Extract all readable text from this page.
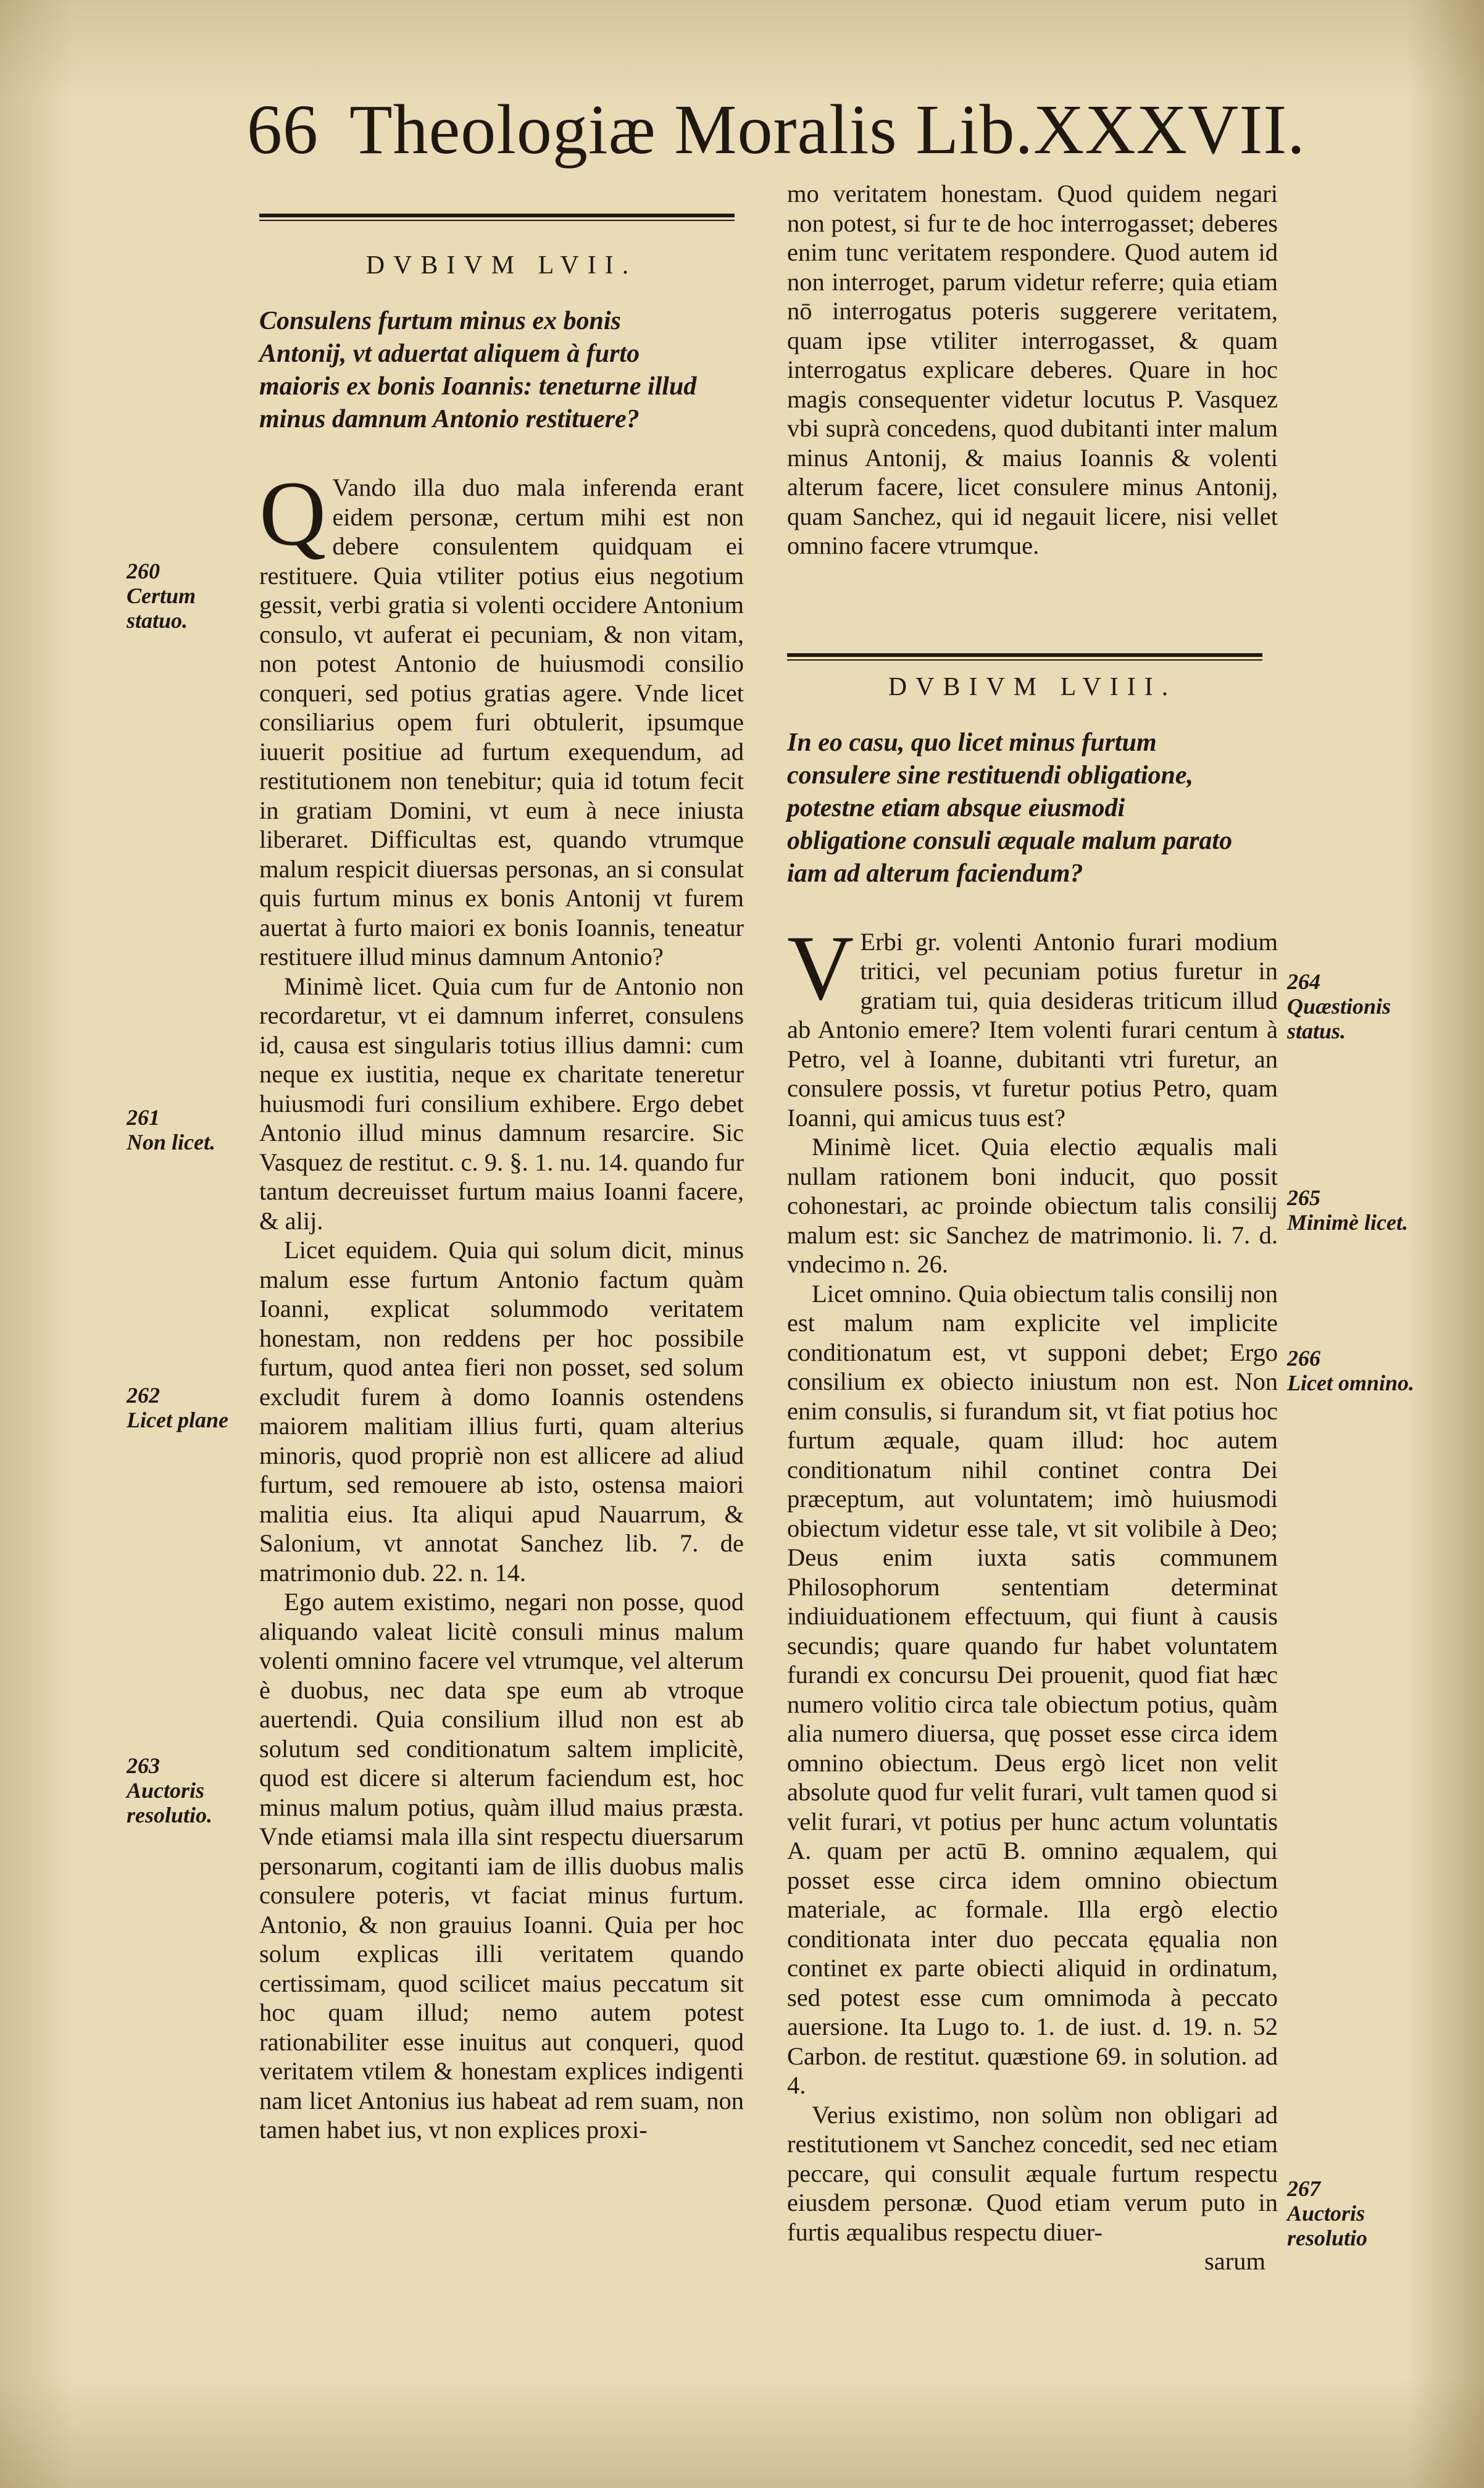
66 Theologiæ Moralis Lib.XXXVII.
DVBIVM LVII.
Consulens furtum minus ex bonis Antonij, vt aduertat aliquem à furto maioris ex bonis Ioannis: teneturne illud minus damnum Antonio restituere?

Q Vando illa duo mala inferenda erant eidem personæ, certum mihi est non debere consulentem quidquam ei restituere. Quia vtiliter potius eius negotium gessit, verbi gratia si volenti occidere Antonium consulo, vt auferat ei pecuniam, & non vitam, non potest Antonio de huiusmodi consilio conqueri, sed potius gratias agere. Vnde licet consiliarius opem furi obtulerit, ipsumque iuuerit positiue ad furtum exequendum, ad restitutionem non tenebitur; quia id totum fecit in gratiam Domini, vt eum à nece iniusta liberaret. Difficultas est, quando vtrumque malum respicit diuersas personas, an si consulat quis furtum minus ex bonis Antonij vt furem auertat à furto maiori ex bonis Ioannis, teneatur restituere illud minus damnum Antonio?

Minimè licet. Quia cum fur de Antonio non recordaretur, vt ei damnum inferret, consulens id, causa est singularis totius illius damni: cum neque ex iustitia, neque ex charitate teneretur huiusmodi furi consilium exhibere. Ergo debet Antonio illud minus damnum resarcire. Sic Vasquez de restitut. c. 9. §. 1. nu. 14. quando fur tantum decreuisset furtum maius Ioanni facere, & alij.

Licet equidem. Quia qui solum dicit, minus malum esse furtum Antonio factum quàm Ioanni, explicat solummodo veritatem honestam, non reddens per hoc possibile furtum, quod antea fieri non posset, sed solum excludit furem à domo Ioannis ostendens maiorem malitiam illius furti, quam alterius minoris, quod propriè non est allicere ad aliud furtum, sed remouere ab isto, ostensa maiori malitia eius. Ita aliqui apud Nauarrum, & Salonium, vt annotat Sanchez lib. 7. de matrimonio dub. 22. n. 14.

Ego autem existimo, negari non posse, quod aliquando valeat licitè consuli minus malum volenti omnino facere vel vtrumque, vel alterum è duobus, nec data spe eum ab vtroque auertendi. Quia consilium illud non est ab solutum sed conditionatum saltem implicitè, quod est dicere si alterum faciendum est, hoc minus malum potius, quàm illud maius præsta. Vnde etiamsi mala illa sint respectu diuersarum personarum, cogitanti iam de illis duobus malis consulere poteris, vt faciat minus furtum. Antonio, & non grauius Ioanni. Quia per hoc solum explicas illi veritatem quando certissimam, quod scilicet maius peccatum sit hoc quam illud; nemo autem potest rationabiliter esse inuitus aut conqueri, quod veritatem vtilem & honestam explices indigenti nam licet Antonius ius habeat ad rem suam, non tamen habet ius, vt non explices proxi-

mo veritatem honestam. Quod quidem negari non potest, si fur te de hoc interrogasset; deberes enim tunc veritatem respondere. Quod autem id non interroget, parum videtur referre; quia etiam nō interrogatus poteris suggerere veritatem, quam ipse vtiliter interrogasset, & quam interrogatus explicare deberes. Quare in hoc magis consequenter videtur locutus P. Vasquez vbi suprà concedens, quod dubitanti inter malum minus Antonij, & maius Ioannis & volenti alterum facere, licet consulere minus Antonij, quam Sanchez, qui id negauit licere, nisi vellet omnino facere vtrumque.

DVBIVM LVIII.
In eo casu, quo licet minus furtum consulere sine restituendi obligatione, potestne etiam absque eiusmodi obligatione consuli æquale malum parato iam ad alterum faciendum?

V Erbi gr. volenti Antonio furari modium tritici, vel pecuniam potius furetur in gratiam tui, quia desideras triticum illud ab Antonio emere? Item volenti furari centum à Petro, vel à Ioanne, dubitanti vtri furetur, an consulere possis, vt furetur potius Petro, quam Ioanni, qui amicus tuus est?

Minimè licet. Quia electio æqualis mali nullam rationem boni inducit, quo possit cohonestari, ac proinde obiectum talis consilij malum est: sic Sanchez de matrimonio. li. 7. d. vndecimo n. 26.

Licet omnino. Quia obiectum talis consilij non est malum nam explicite vel implicite conditionatum est, vt supponi debet; Ergo consilium ex obiecto iniustum non est. Non enim consulis, si furandum sit, vt fiat potius hoc furtum æquale, quam illud: hoc autem conditionatum nihil continet contra Dei præceptum, aut voluntatem; imò huiusmodi obiectum videtur esse tale, vt sit volibile à Deo; Deus enim iuxta satis communem Philosophorum sententiam determinat indiuiduationem effectuum, qui fiunt à causis secundis; quare quando fur habet voluntatem furandi ex concursu Dei prouenit, quod fiat hæc numero volitio circa tale obiectum potius, quàm alia numero diuersa, quę posset esse circa idem omnino obiectum. Deus ergò licet non velit absolute quod fur velit furari, vult tamen quod si velit furari, vt potius per hunc actum voluntatis A. quam per actū B. omnino æqualem, qui posset esse circa idem omnino obiectum materiale, ac formale. Illa ergò electio conditionata inter duo peccata ęqualia non continet ex parte obiecti aliquid in ordinatum, sed potest esse cum omnimoda à peccato auersione. Ita Lugo to. 1. de iust. d. 19. n. 52 Carbon. de restitut. quæstione 69. in solution. ad 4.

Verius existimo, non solùm non obligari ad restitutionem vt Sanchez concedit, sed nec etiam peccare, qui consulit æquale furtum respectu eiusdem personæ. Quod etiam verum puto in furtis æqualibus respectu diuer-

sarum
260
Certum statuo.
261
Non licet.
262
Licet plane
263
Auctoris resolutio.
264
Quæstionis status.
265
Minimè licet.
266
Licet omnino.
267
Auctoris resolutio
